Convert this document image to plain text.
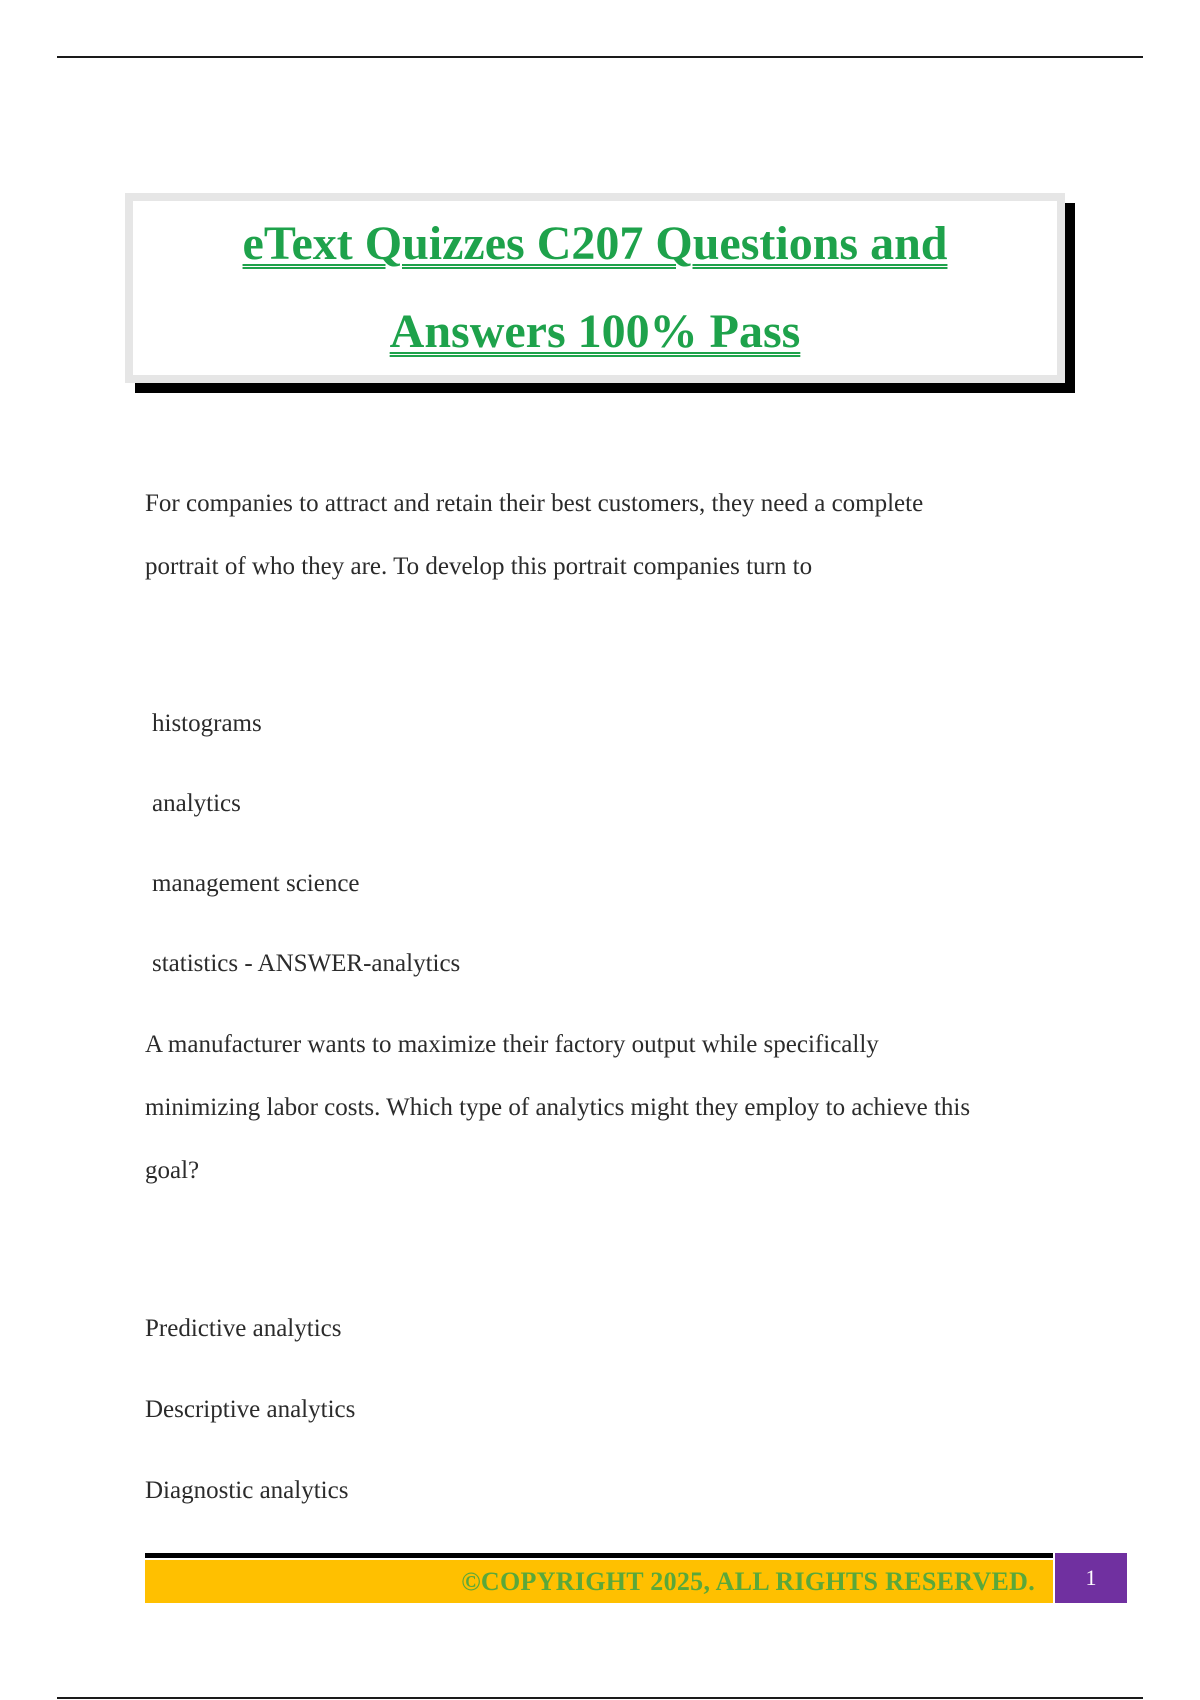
eText Quizzes C207 Questions and
Answers 100% Pass
For companies to attract and retain their best customers, they need a complete
portrait of who they are. To develop this portrait companies turn to
histograms
analytics
management science
statistics - ANSWER-analytics
A manufacturer wants to maximize their factory output while specifically
minimizing labor costs. Which type of analytics might they employ to achieve this
goal?
Predictive analytics
Descriptive analytics
Diagnostic analytics
©COPYRIGHT 2025, ALL RIGHTS RESERVED. 1
